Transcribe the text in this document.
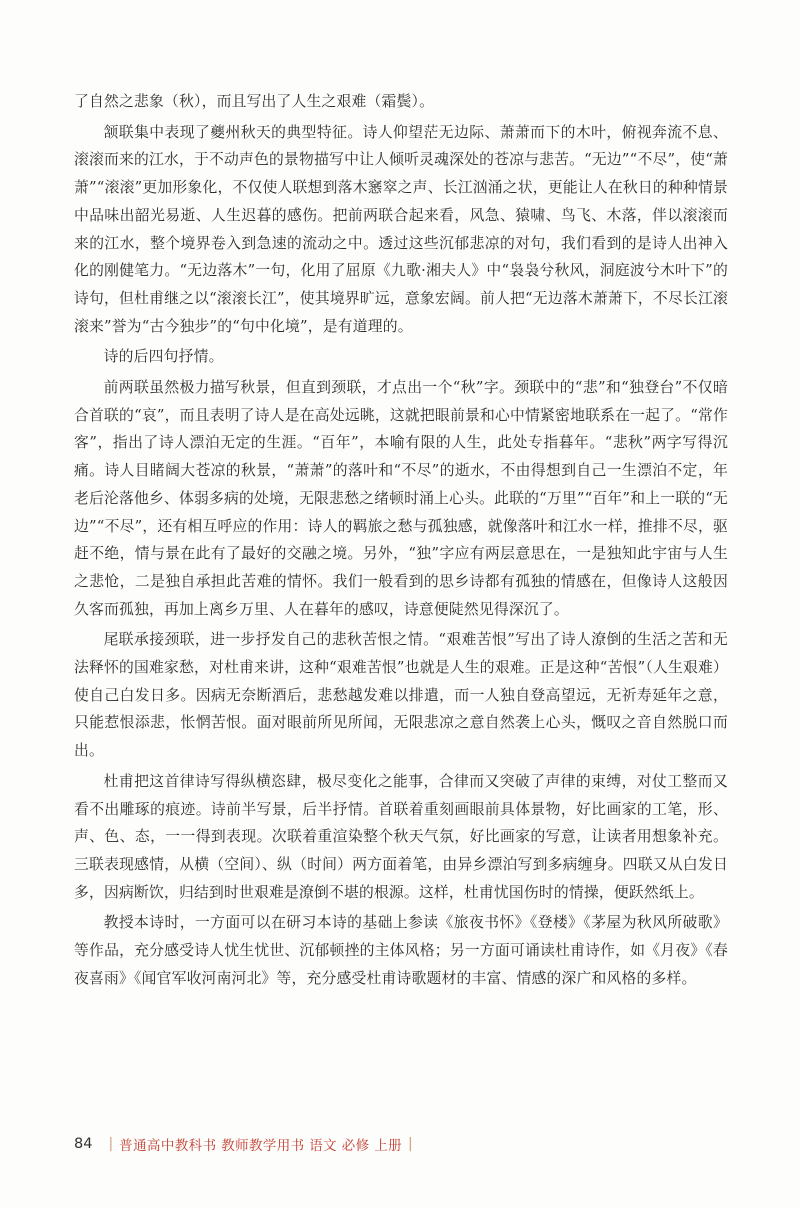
了自然之悲象（秋），而且写出了人生之艰难（霜鬓）。

颔联集中表现了夔州秋天的典型特征。诗人仰望茫无边际、萧萧而下的木叶，俯视奔流不息、滚滚而来的江水，于不动声色的景物描写中让人倾听灵魂深处的苍凉与悲苦。“无边”“不尽”，使“萧萧”“滚滚”更加形象化，不仅使人联想到落木窸窣之声、长江汹涌之状，更能让人在秋日的种种情景中品味出韶光易逝、人生迟暮的感伤。把前两联合起来看，风急、猿啸、鸟飞、木落，伴以滚滚而来的江水，整个境界卷入到急速的流动之中。透过这些沉郁悲凉的对句，我们看到的是诗人出神入化的刚健笔力。“无边落木”一句，化用了屈原《九歌·湘夫人》中“袅袅兮秋风，洞庭波兮木叶下”的诗句，但杜甫继之以“滚滚长江”，使其境界旷远，意象宏阔。前人把“无边落木萧萧下，不尽长江滚滚来”誉为“古今独步”的“句中化境”，是有道理的。

诗的后四句抒情。

前两联虽然极力描写秋景，但直到颈联，才点出一个“秋”字。颈联中的“悲”和“独登台”不仅暗合首联的“哀”，而且表明了诗人是在高处远眺，这就把眼前景和心中情紧密地联系在一起了。“常作客”，指出了诗人漂泊无定的生涯。“百年”，本喻有限的人生，此处专指暮年。“悲秋”两字写得沉痛。诗人目睹阔大苍凉的秋景，“萧萧”的落叶和“不尽”的逝水，不由得想到自己一生漂泊不定，年老后沦落他乡、体弱多病的处境，无限悲愁之绪顿时涌上心头。此联的“万里”“百年”和上一联的“无边”“不尽”，还有相互呼应的作用：诗人的羁旅之愁与孤独感，就像落叶和江水一样，推排不尽，驱赶不绝，情与景在此有了最好的交融之境。另外，“独”字应有两层意思在，一是独知此宇宙与人生之悲怆，二是独自承担此苦难的情怀。我们一般看到的思乡诗都有孤独的情感在，但像诗人这般因久客而孤独，再加上离乡万里、人在暮年的感叹，诗意便陡然见得深沉了。

尾联承接颈联，进一步抒发自己的悲秋苦恨之情。“艰难苦恨”写出了诗人潦倒的生活之苦和无法释怀的国难家愁，对杜甫来讲，这种“艰难苦恨”也就是人生的艰难。正是这种“苦恨”（人生艰难）使自己白发日多。因病无奈断酒后，悲愁越发难以排遣，而一人独自登高望远，无祈寿延年之意，只能惹恨添悲，怅惘苦恨。面对眼前所见所闻，无限悲凉之意自然袭上心头，慨叹之音自然脱口而出。

杜甫把这首律诗写得纵横恣肆，极尽变化之能事，合律而又突破了声律的束缚，对仗工整而又看不出雕琢的痕迹。诗前半写景，后半抒情。首联着重刻画眼前具体景物，好比画家的工笔，形、声、色、态，一一得到表现。次联着重渲染整个秋天气氛，好比画家的写意，让读者用想象补充。三联表现感情，从横（空间）、纵（时间）两方面着笔，由异乡漂泊写到多病缠身。四联又从白发日多，因病断饮，归结到时世艰难是潦倒不堪的根源。这样，杜甫忧国伤时的情操，便跃然纸上。

教授本诗时，一方面可以在研习本诗的基础上参读《旅夜书怀》《登楼》《茅屋为秋风所破歌》等作品，充分感受诗人忧生忧世、沉郁顿挫的主体风格；另一方面可诵读杜甫诗作，如《月夜》《春夜喜雨》《闻官军收河南河北》等，充分感受杜甫诗歌题材的丰富、情感的深广和风格的多样。

84 | 普通高中教科书 教师教学用书 语文 必修 上册 |
